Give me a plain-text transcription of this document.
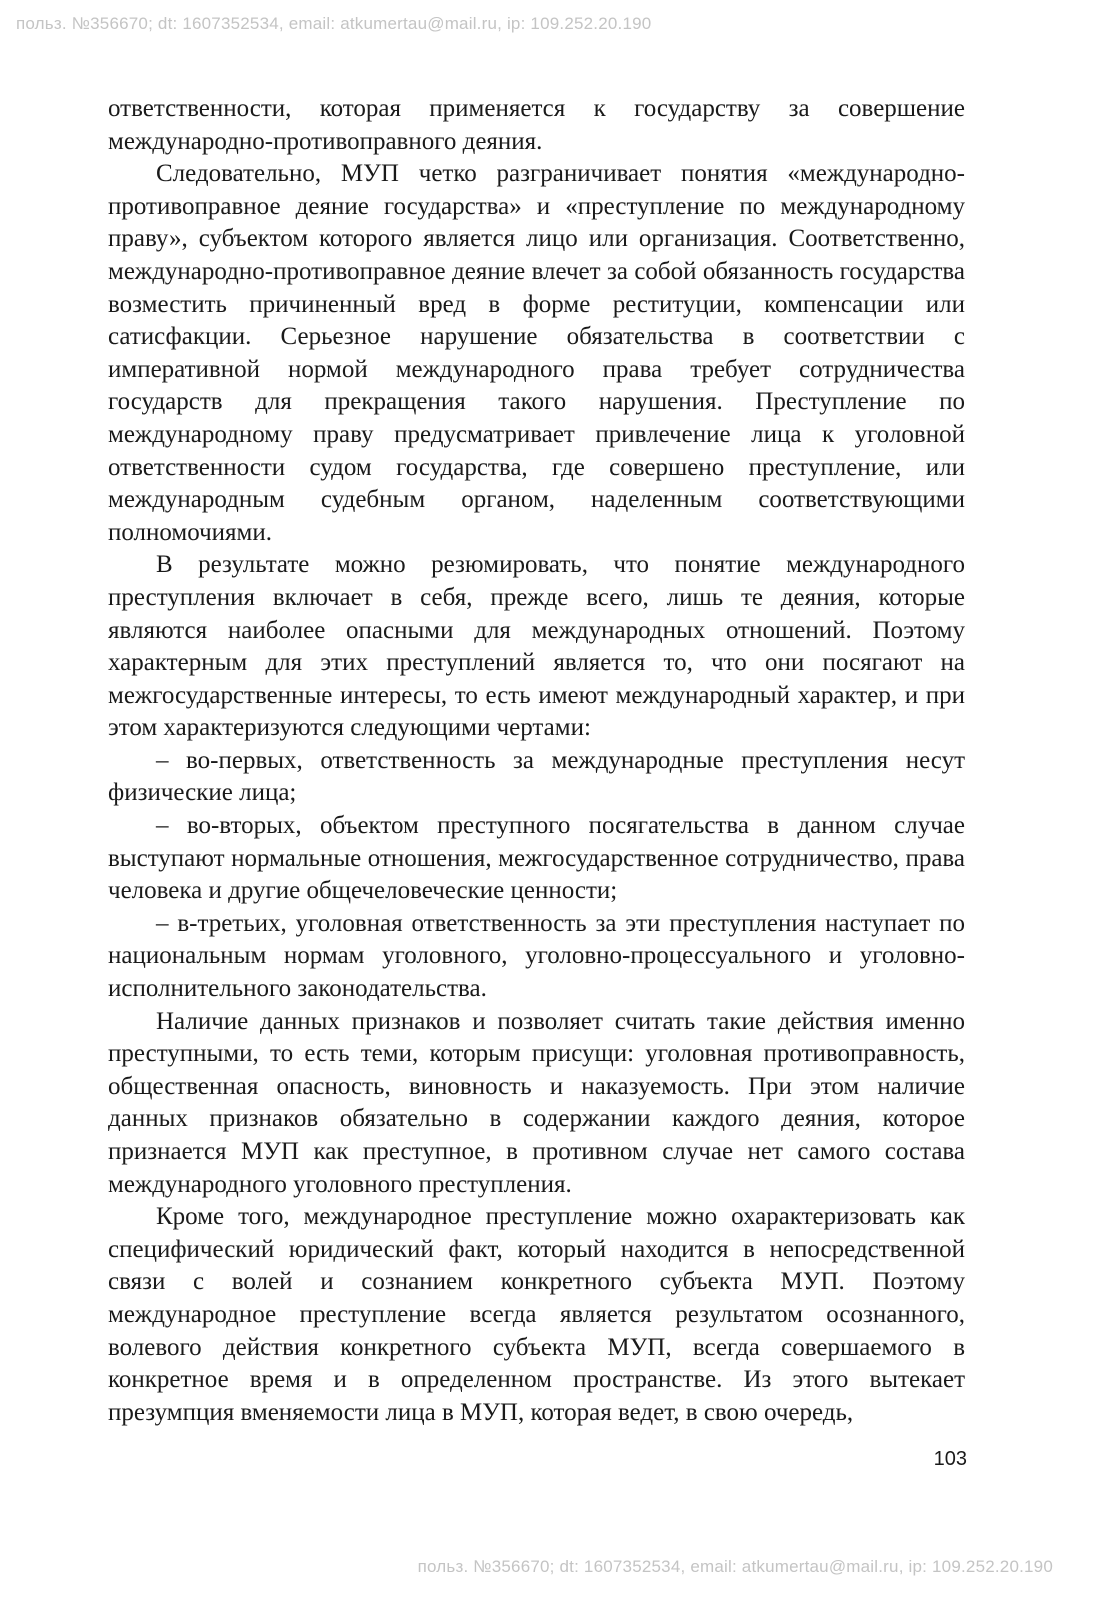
польз. №356670; dt: 1607352534, email: atkumertau@mail.ru, ip: 109.252.20.190

ответственности, которая применяется к государству за совершение международно-противоправного деяния.

Следовательно, МУП четко разграничивает понятия «международно-противоправное деяние государства» и «преступление по международному праву», субъектом которого является лицо или организация. Соответственно, международно-противоправное деяние влечет за собой обязанность государства возместить причиненный вред в форме реституции, компенсации или сатисфакции. Серьезное нарушение обязательства в соответствии с императивной нормой международного права требует сотрудничества государств для прекращения такого нарушения. Преступление по международному праву предусматривает привлечение лица к уголовной ответственности судом государства, где совершено преступление, или международным судебным органом, наделенным соответствующими полномочиями.

В результате можно резюмировать, что понятие международного преступления включает в себя, прежде всего, лишь те деяния, которые являются наиболее опасными для международных отношений. Поэтому характерным для этих преступлений является то, что они посягают на межгосударственные интересы, то есть имеют международный характер, и при этом характеризуются следующими чертами:

– во-первых, ответственность за международные преступления несут физические лица;

– во-вторых, объектом преступного посягательства в данном случае выступают нормальные отношения, межгосударственное сотрудничество, права человека и другие общечеловеческие ценности;

– в-третьих, уголовная ответственность за эти преступления наступает по национальным нормам уголовного, уголовно-процессуального и уголовно-исполнительного законодательства.

Наличие данных признаков и позволяет считать такие действия именно преступными, то есть теми, которым присущи: уголовная противоправность, общественная опасность, виновность и наказуемость. При этом наличие данных признаков обязательно в содержании каждого деяния, которое признается МУП как преступное, в противном случае нет самого состава международного уголовного преступления.

Кроме того, международное преступление можно охарактеризовать как специфический юридический факт, который находится в непосредственной связи с волей и сознанием конкретного субъекта МУП. Поэтому международное преступление всегда является результатом осознанного, волевого действия конкретного субъекта МУП, всегда совершаемого в конкретное время и в определенном пространстве. Из этого вытекает презумпция вменяемости лица в МУП, которая ведет, в свою очередь,

103
польз. №356670; dt: 1607352534, email: atkumertau@mail.ru, ip: 109.252.20.190
